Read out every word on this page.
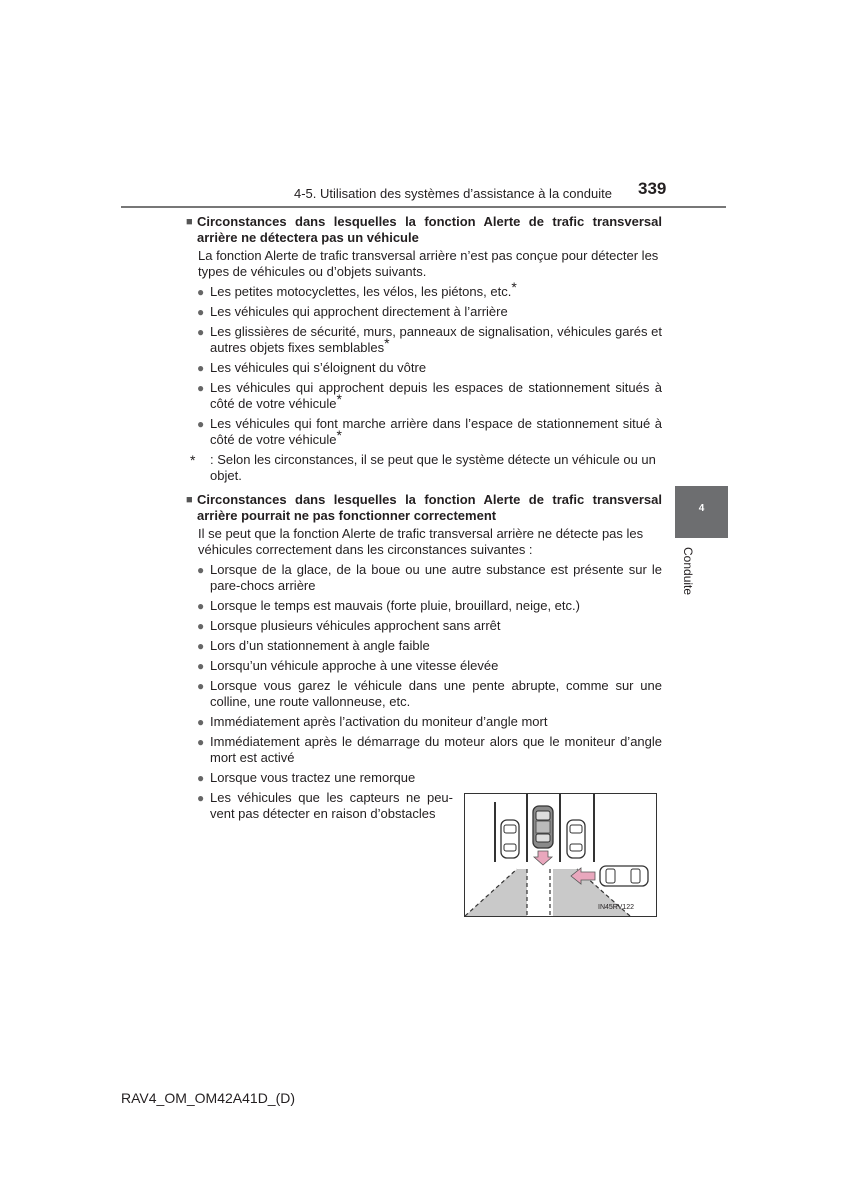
4-5. Utilisation des systèmes d’assistance à la conduite 339
4
Conduite
■ Circonstances dans lesquelles la fonction Alerte de trafic transversal arrière ne détectera pas un véhicule
La fonction Alerte de trafic transversal arrière n’est pas conçue pour détecter les types de véhicules ou d’objets suivants.
● Les petites motocyclettes, les vélos, les piétons, etc.*
● Les véhicules qui approchent directement à l’arrière
● Les glissières de sécurité, murs, panneaux de signalisation, véhicules garés et autres objets fixes semblables*
● Les véhicules qui s’éloignent du vôtre
● Les véhicules qui approchent depuis les espaces de stationnement situés à côté de votre véhicule*
● Les véhicules qui font marche arrière dans l’espace de stationnement situé à côté de votre véhicule*
*	: Selon les circonstances, il se peut que le système détecte un véhicule ou un objet.
■ Circonstances dans lesquelles la fonction Alerte de trafic transversal arrière pourrait ne pas fonctionner correctement
Il se peut que la fonction Alerte de trafic transversal arrière ne détecte pas les véhicules correctement dans les circonstances suivantes :
● Lorsque de la glace, de la boue ou une autre substance est présente sur le pare-chocs arrière
● Lorsque le temps est mauvais (forte pluie, brouillard, neige, etc.)
● Lorsque plusieurs véhicules approchent sans arrêt
● Lors d’un stationnement à angle faible
● Lorsqu’un véhicule approche à une vitesse élevée
● Lorsque vous garez le véhicule dans une pente abrupte, comme sur une colline, une route vallonneuse, etc.
● Immédiatement après l’activation du moniteur d’angle mort
● Immédiatement après le démarrage du moteur alors que le moniteur d’angle mort est activé
● Lorsque vous tractez une remorque
● Les véhicules que les capteurs ne peu-vent pas détecter en raison d’obstacles
IN45RV122
RAV4_OM_OM42A41D_(D)
